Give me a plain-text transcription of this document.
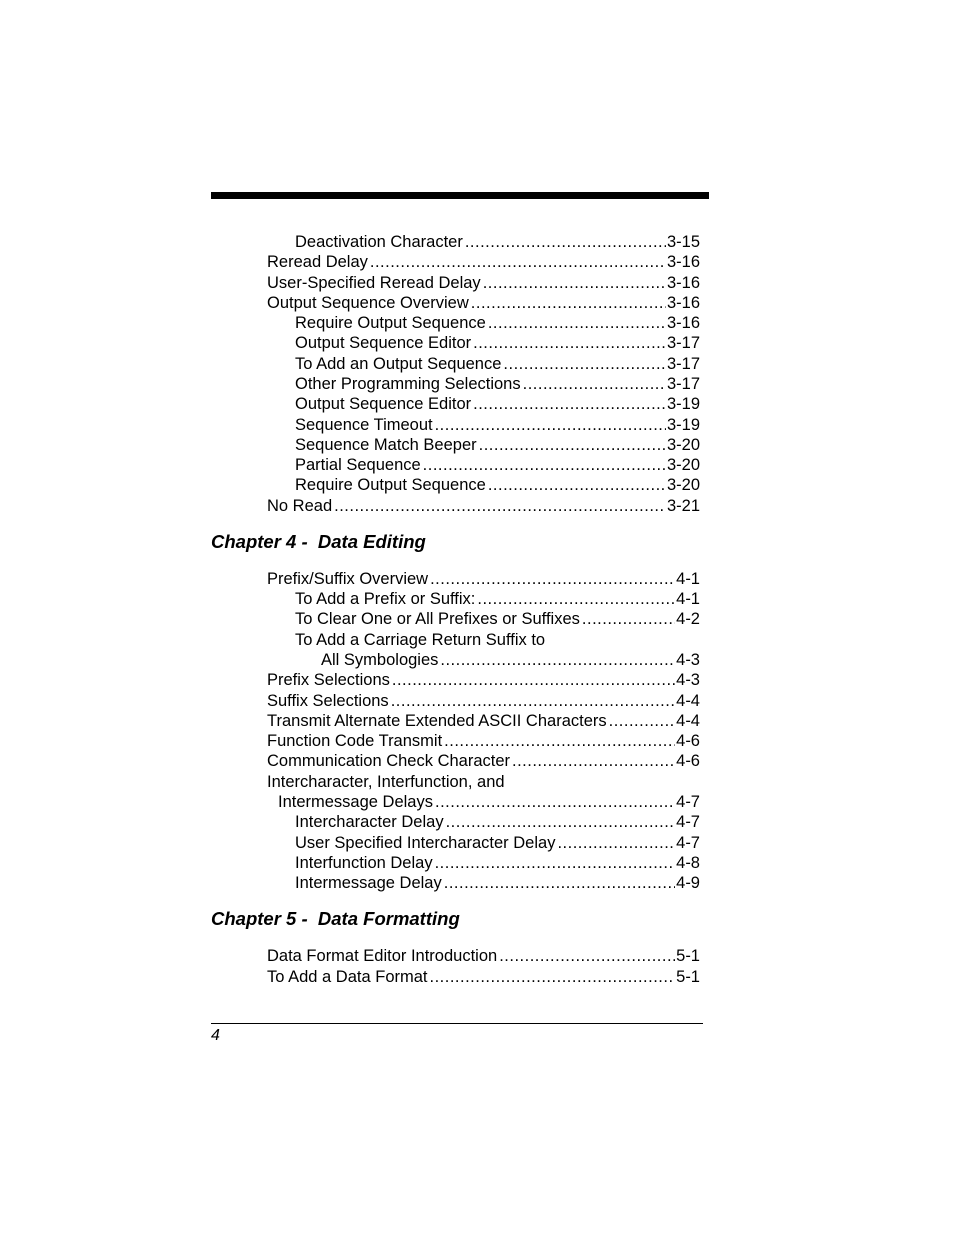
Deactivation Character .....	3-15
Reread Delay .....	3-16
User-Specified Reread Delay .....	3-16
Output Sequence Overview .....	3-16
Require Output Sequence .....	3-16
Output Sequence Editor .....	3-17
To Add an Output Sequence .....	3-17
Other Programming Selections .....	3-17
Output Sequence Editor .....	3-19
Sequence Timeout .....	3-19
Sequence Match Beeper .....	3-20
Partial Sequence .....	3-20
Require Output Sequence .....	3-20
No Read .....	3-21
Chapter 4 -  Data Editing
Prefix/Suffix Overview .....	4-1
To Add a Prefix or Suffix: .....	4-1
To Clear One or All Prefixes or Suffixes .....	4-2
To Add a Carriage Return Suffix to
All Symbologies .....	4-3
Prefix Selections .....	4-3
Suffix Selections .....	4-4
Transmit Alternate Extended ASCII Characters .....	4-4
Function Code Transmit .....	4-6
Communication Check Character .....	4-6
Intercharacter, Interfunction, and
Intermessage Delays .....	4-7
Intercharacter Delay .....	4-7
User Specified Intercharacter Delay .....	4-7
Interfunction Delay .....	4-8
Intermessage Delay .....	4-9
Chapter 5 -  Data Formatting
Data Format Editor Introduction .....	5-1
To Add a Data Format .....	5-1
4
